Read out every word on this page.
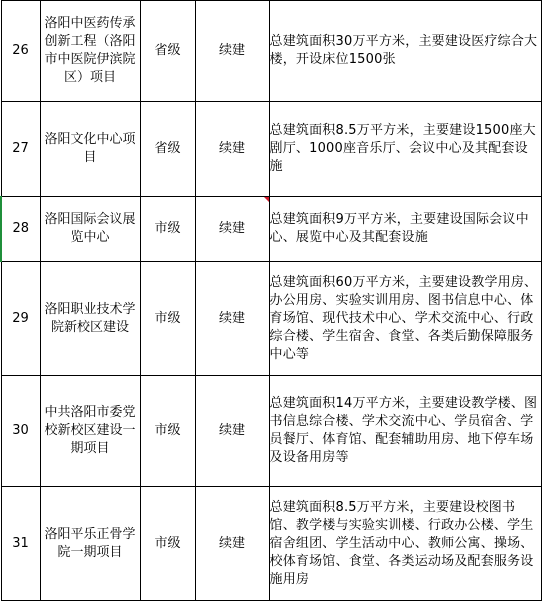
26	洛阳中医药传承创新工程（洛阳市中医院伊滨院区）项目	省级	续建	总建筑面积30万平方米，主要建设医疗综合大楼，开设床位1500张
27	洛阳文化中心项目	省级	续建	总建筑面积8.5万平方米，主要建设1500座大剧厅、1000座音乐厅、会议中心及其配套设施
28	洛阳国际会议展览中心	市级	续建	总建筑面积9万平方米，主要建设国际会议中心、展览中心及其配套设施
29	洛阳职业技术学院新校区建设	市级	续建	总建筑面积60万平方米，主要建设教学用房、办公用房、实验实训用房、图书信息中心、体育场馆、现代技术中心、学术交流中心、行政综合楼、学生宿舍、食堂、各类后勤保障服务中心等
30	中共洛阳市委党校新校区建设一期项目	市级	续建	总建筑面积14万平方米，主要建设教学楼、图书信息综合楼、学术交流中心、学员宿舍、学员餐厅、体育馆、配套辅助用房、地下停车场及设备用房等
31	洛阳平乐正骨学院一期项目	市级	续建	总建筑面积8.5万平方米，主要建设校图书馆、教学楼与实验实训楼、行政办公楼、学生宿舍组团、学生活动中心、教师公寓、操场、校体育场馆、食堂、各类运动场及配套服务设施用房
